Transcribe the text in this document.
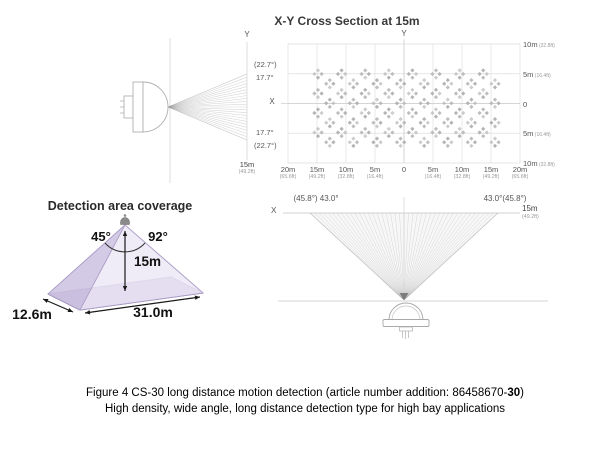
X-Y Cross Section at 15m
Y
(22.7°)
17.7°
17.7°
(22.7°)
15m
(49.2ft)
Y
X
20m
(65.6ft)
15m
(49.2ft)
10m
(32.8ft)
5m
(16.4ft)
0	5m
(16.4ft)
10m
(32.8ft)
15m
(49.2ft)
20m
(65.6ft)
10m (32.8ft)
5m (16.4ft)
0
5m (16.4ft)
10m (32.8ft)
Detection area coverage
45°	92°
15m
12.6m	31.0m
(45.8°) 43.0°	43.0°(45.8°)
X	15m
(49.2ft)
Figure 4 CS-30 long distance motion detection (article number addition: 86458670-30)
High density, wide angle, long distance detection type for high bay applications
